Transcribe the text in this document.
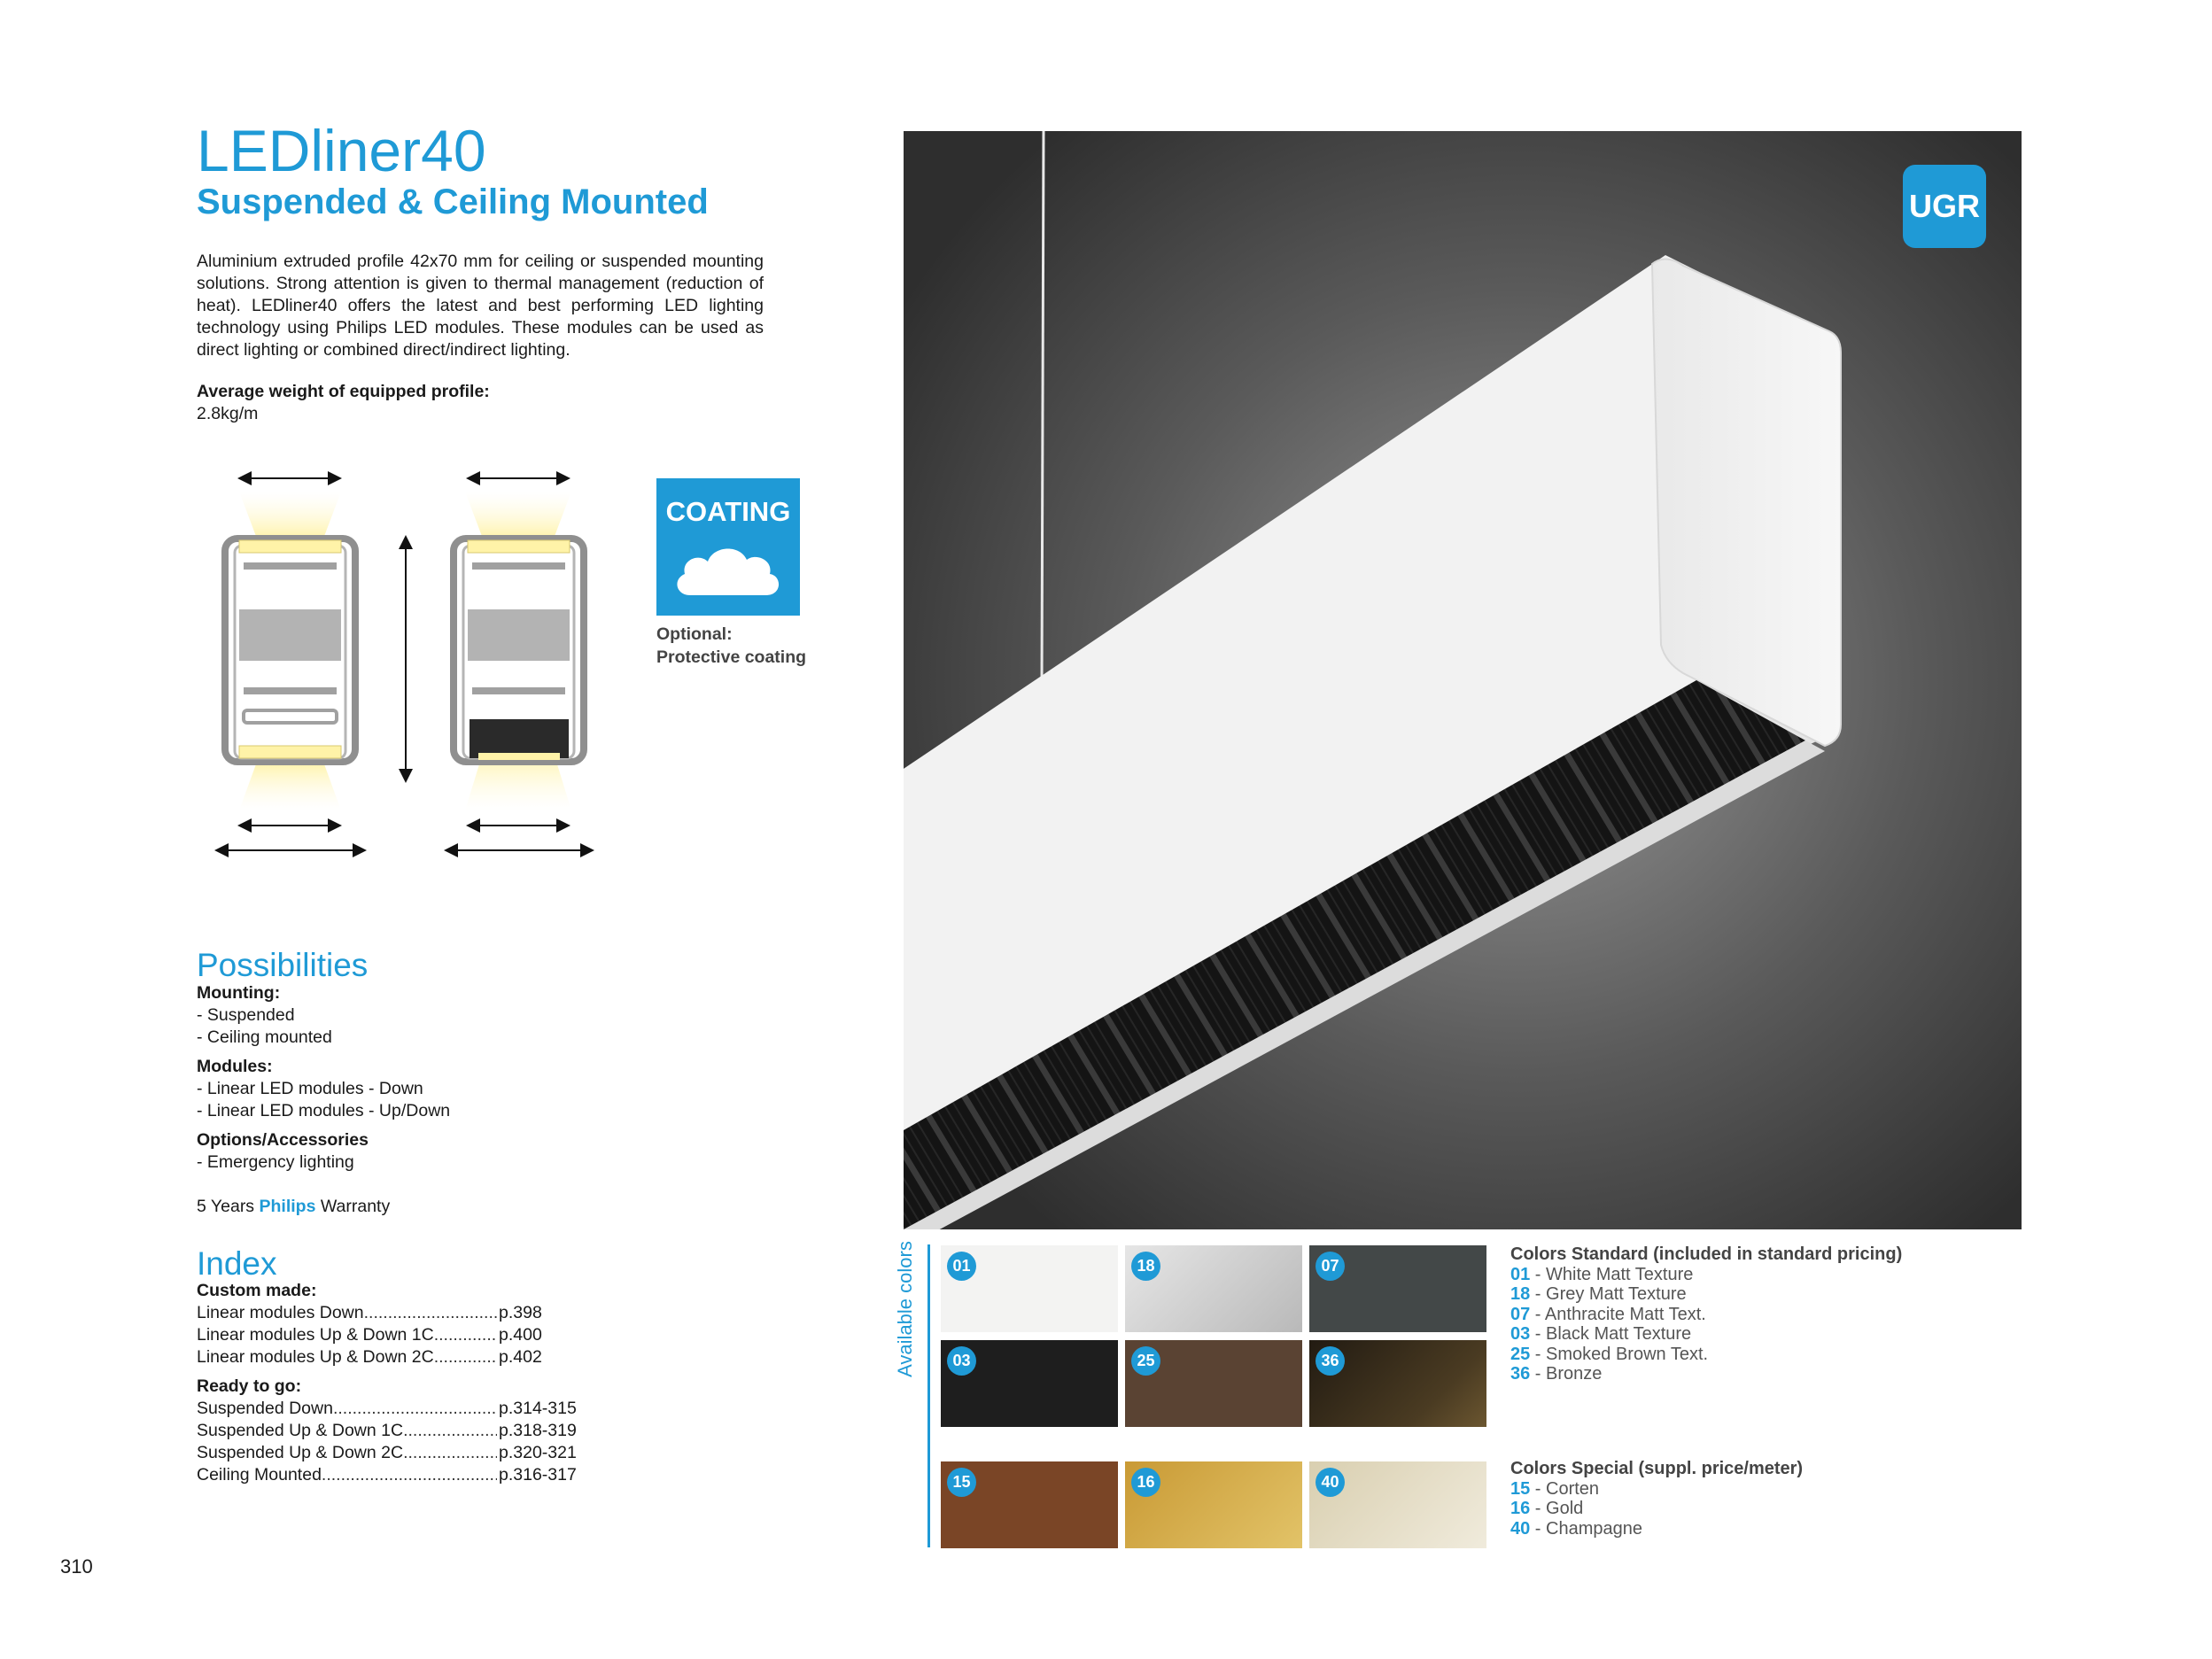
LEDliner40
Suspended & Ceiling Mounted

Aluminium extruded profile 42x70 mm for ceiling or suspended mounting solutions. Strong attention is given to thermal management (reduction of heat). LEDliner40 offers the latest and best performing LED lighting technology using Philips LED modules. These modules can be used as direct lighting or combined direct/indirect lighting.

Average weight of equipped profile:
2.8kg/m
COATING
Optional:
Protective coating
Possibilities
Mounting:
- Suspended
- Ceiling mounted
Modules:
- Linear LED modules - Down
- Linear LED modules - Up/Down
Options/Accessories
- Emergency lighting
5 Years Philips Warranty
Index
Custom made:
Linear modules Down .....	p.398
Linear modules Up & Down 1C .....	p.400
Linear modules Up & Down 2C .....	p.402
Ready to go:
Suspended Down .....	p.314-315
Suspended Up & Down 1C .....	p.318-319
Suspended Up & Down 2C .....	p.320-321
Ceiling Mounted .....	p.316-317
310
UGR
Available colors	01	18	07
03	25	36
15	16	40
Colors Standard (included in standard pricing)
01 - White Matt Texture
18 - Grey Matt Texture
07 - Anthracite Matt Text.
03 - Black Matt Texture
25 - Smoked Brown Text.
36 - Bronze
Colors Special (suppl. price/meter)
15 - Corten
16 - Gold
40 - Champagne
